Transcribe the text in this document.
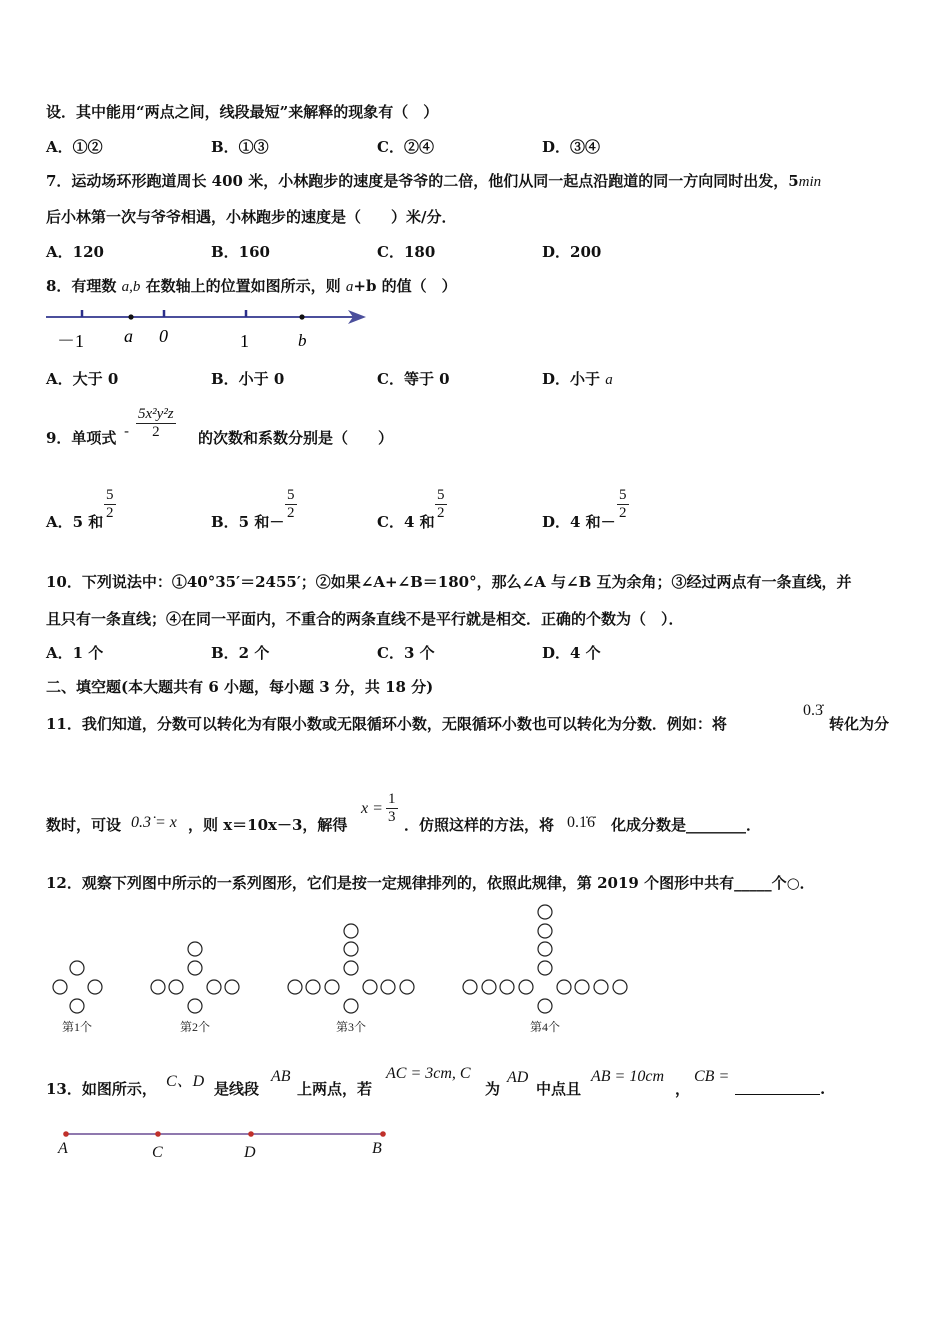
设．其中能用“两点之间，线段最短”来解释的现象有（　）
A．①②	B．①③	C．②④	D．③④
7．运动场环形跑道周长 400 米，小林跑步的速度是爷爷的二倍，他们从同一起点沿跑道的同一方向同时出发，5min
后小林第一次与爷爷相遇，小林跑步的速度是（　　）米/分．
A．120	B．160	C．180	D．200
8．有理数 a,b 在数轴上的位置如图所示，则 a+b 的值（　）
－1 a 0	1	b
A．大于 0	B．小于 0	C．等于 0	D．小于 a
9．单项式 - $\frac{\text{5x²y²z}}{2}$ 的次数和系数分别是（　　）
A．5 和 $\frac{5}{2}$	B．5 和－ $\frac{5}{2}$	C．4 和 $\frac{5}{2}$	D．4 和－ $\frac{5}{2}$
10．下列说法中：①40°35′＝2455′；②如果∠A+∠B＝180°，那么∠A 与∠B 互为余角；③经过两点有一条直线，并
且只有一条直线；④在同一平面内，不重合的两条直线不是平行就是相交．正确的个数为（　）．
A．1 个	B．2 个	C．3 个	D．4 个
二、填空题(本大题共有 6 小题，每小题 3 分，共 18 分)
11．我们知道，分数可以转化为有限小数或无限循环小数，无限循环小数也可以转化为分数．例如：将
0.3̇
转化为分
数时，可设 0.3̇ = x ，则 x＝10x－3，解得
$x = \frac{1}{3}$ ．仿照这样的方法，将 0.1̇6̇ 化成分数是________．
12．观察下列图中所示的一系列图形，它们是按一定规律排列的，依照此规律，第 2019 个图形中共有_____个○．
第1个	第2个	第3个	第4个
13．如图所示， C、D 是线段
AB
上两点，若
AC = 3cm, C
为
AD
中点且
AB = 10cm
，
CB =
.
A	C	D	B
